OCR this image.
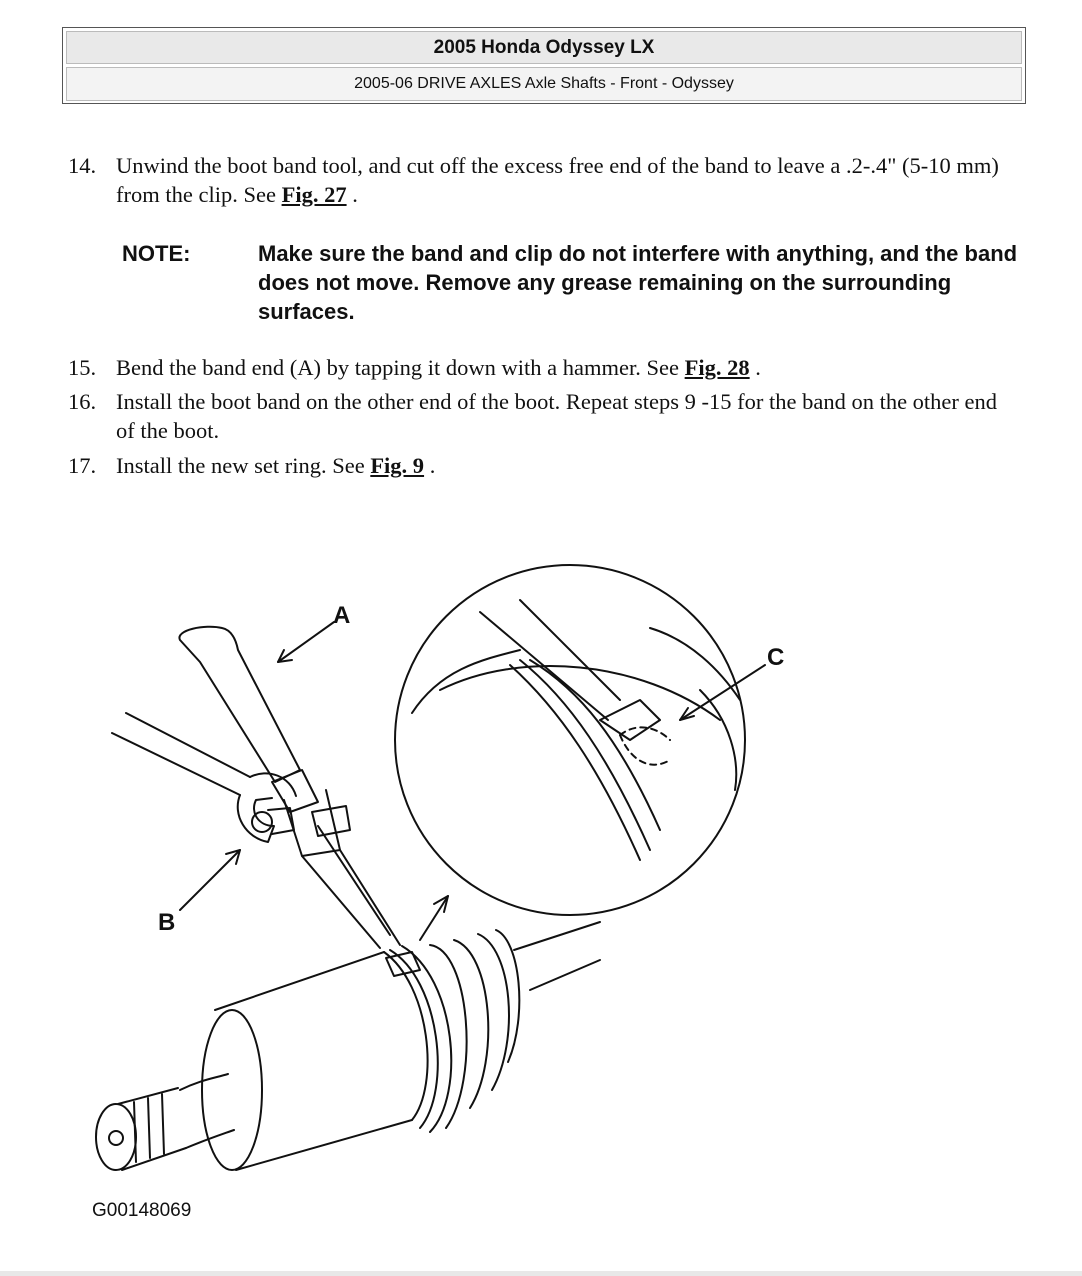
2005 Honda Odyssey LX
2005-06 DRIVE AXLES Axle Shafts - Front - Odyssey
14. Unwind the boot band tool, and cut off the excess free end of the band to leave a .2-.4" (5-10 mm) from the clip. See Fig. 27 .
NOTE:	Make sure the band and clip do not interfere with anything, and the band does not move. Remove any grease remaining on the surrounding surfaces.
15. Bend the band end (A) by tapping it down with a hammer. See Fig. 28 .
16. Install the boot band on the other end of the boot. Repeat steps 9 -15 for the band on the other end of the boot.
17. Install the new set ring. See Fig. 9 .
A
B
C
G00148069
